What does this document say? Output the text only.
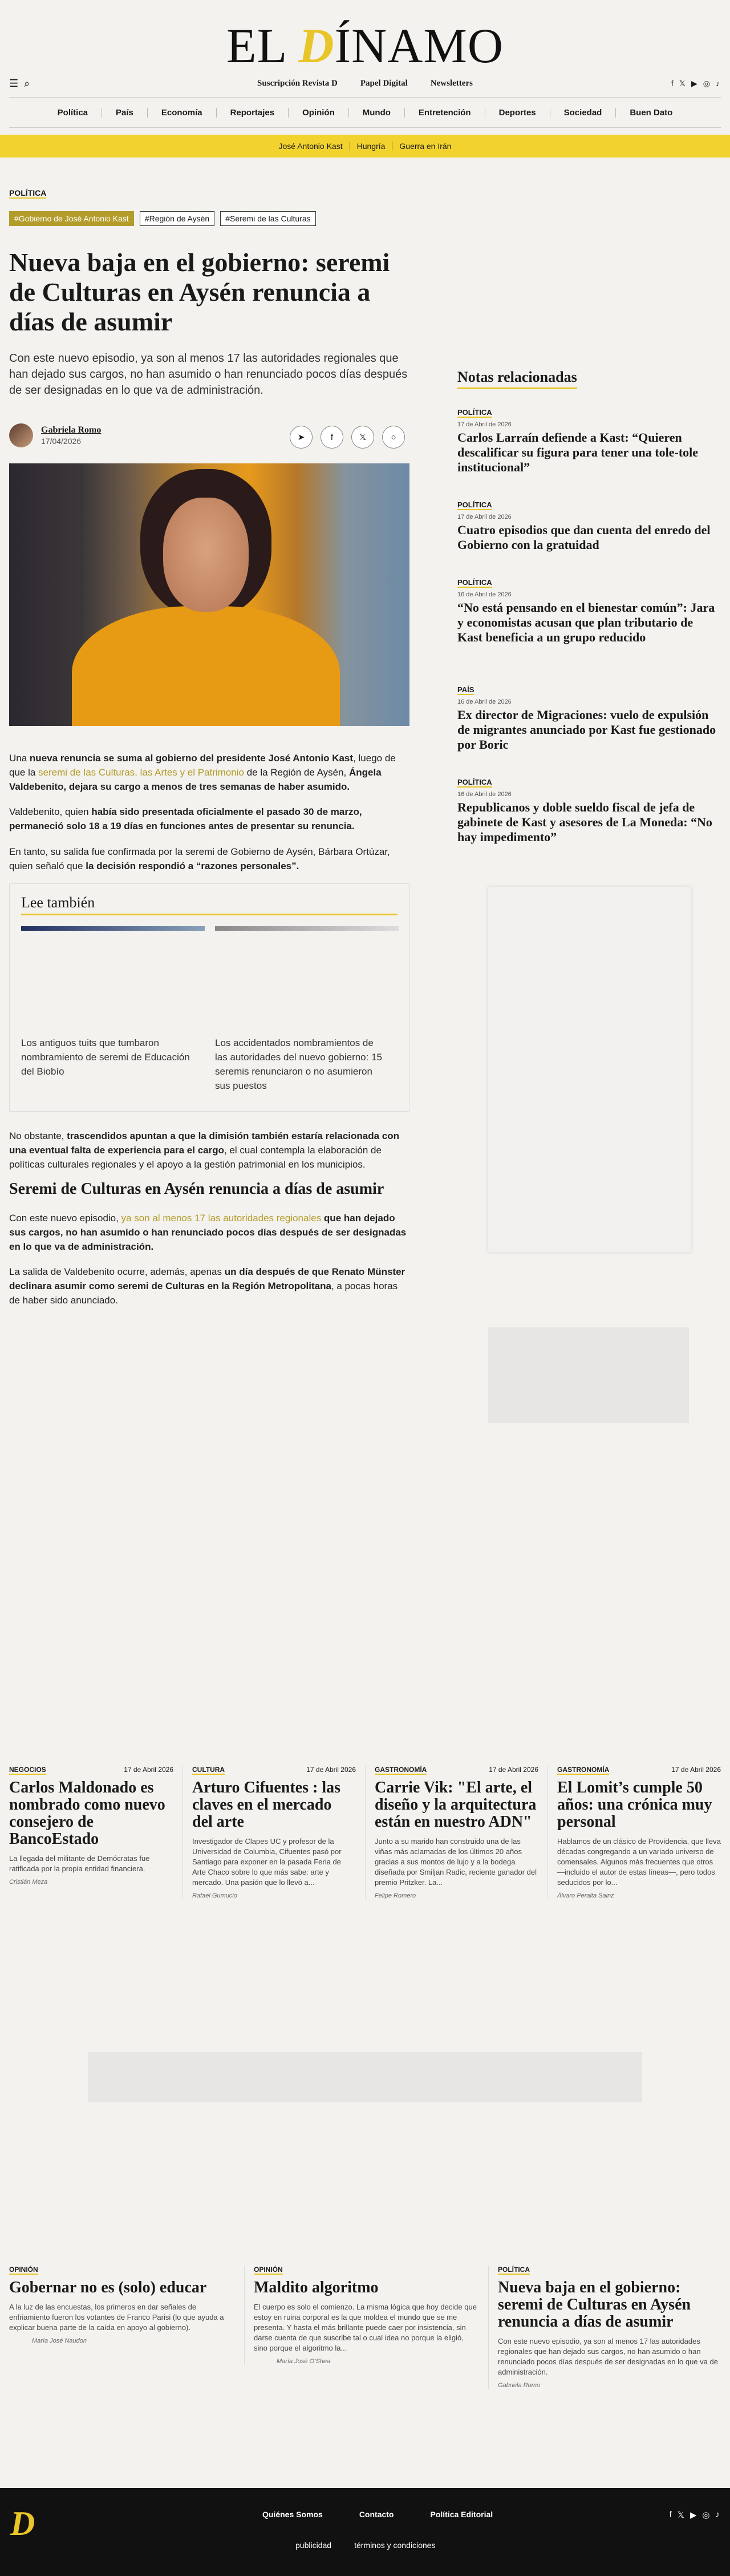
EL DÍNAMO
☰ ⌕	Suscripción Revista D	Papel Digital	Newsletters	f 𝕏 ▶ ◎ ♪
Política	País	Economía	Reportajes	Opinión	Mundo	Entretención	Deportes	Sociedad	Buen Dato
José Antonio Kast	Hungría	Guerra en Irán
POLÍTICA
#Gobierno de José Antonio Kast	#Región de Aysén	#Seremi de las Culturas
Nueva baja en el gobierno: seremi de Culturas en Aysén renuncia a días de asumir

Con este nuevo episodio, ya son al menos 17 las autoridades regionales que han dejado sus cargos, no han asumido o han renunciado pocos días después de ser designadas en lo que va de administración.

Gabriela Romo
17/04/2026	➤	f	𝕏	○

Una nueva renuncia se suma al gobierno del presidente José Antonio Kast, luego de que la seremi de las Culturas, las Artes y el Patrimonio de la Región de Aysén, Ángela Valdebenito, dejara su cargo a menos de tres semanas de haber asumido.

Valdebenito, quien había sido presentada oficialmente el pasado 30 de marzo, permaneció solo 18 a 19 días en funciones antes de presentar su renuncia.

En tanto, su salida fue confirmada por la seremi de Gobierno de Aysén, Bárbara Ortúzar, quien señaló que la decisión respondió a “razones personales”.

Lee también
Los antiguos tuits que tumbaron nombramiento de seremi de Educación del Biobío
Los accidentados nombramientos de las autoridades del nuevo gobierno: 15 seremis renunciaron o no asumieron sus puestos

No obstante, trascendidos apuntan a que la dimisión también estaría relacionada con una eventual falta de experiencia para el cargo, el cual contempla la elaboración de políticas culturales regionales y el apoyo a la gestión patrimonial en los municipios.

Seremi de Culturas en Aysén renuncia a días de asumir

Con este nuevo episodio, ya son al menos 17 las autoridades regionales que han dejado sus cargos, no han asumido o han renunciado pocos días después de ser designadas en lo que va de administración.

La salida de Valdebenito ocurre, además, apenas un día después de que Renato Münster declinara asumir como seremi de Culturas en la Región Metropolitana, a pocas horas de haber sido anunciado.

Notas relacionadas
POLÍTICA
17 de Abril de 2026
Carlos Larraín defiende a Kast: “Quieren descalificar su figura para tener una tole-tole institucional”
POLÍTICA
17 de Abril de 2026
Cuatro episodios que dan cuenta del enredo del Gobierno con la gratuidad
POLÍTICA
16 de Abril de 2026
“No está pensando en el bienestar común”: Jara y economistas acusan que plan tributario de Kast beneficia a un grupo reducido
PAÍS
16 de Abril de 2026
Ex director de Migraciones: vuelo de expulsión de migrantes anunciado por Kast fue gestionado por Boric
POLÍTICA
16 de Abril de 2026
Republicanos y doble sueldo fiscal de jefa de gabinete de Kast y asesores de La Moneda: “No hay impedimento”
NEGOCIOS	17 de Abril 2026
Carlos Maldonado es nombrado como nuevo consejero de BancoEstado
La llegada del militante de Demócratas fue ratificada por la propia entidad financiera.
Cristián Meza
CULTURA	17 de Abril 2026
Arturo Cifuentes : las claves en el mercado del arte
Investigador de Clapes UC y profesor de la Universidad de Columbia, Cifuentes pasó por Santiago para exponer en la pasada Feria de Arte Chaco sobre lo que más sabe: arte y mercado. Una pasión que lo llevó a...
Rafael Gumucio
GASTRONOMÍA	17 de Abril 2026
Carrie Vik: "El arte, el diseño y la arquitectura están en nuestro ADN"
Junto a su marido han construido una de las viñas más aclamadas de los últimos 20 años gracias a sus montos de lujo y a la bodega diseñada por Smiljan Radic, reciente ganador del premio Pritzker. La...
Felipe Romero
GASTRONOMÍA	17 de Abril 2026
El Lomit’s cumple 50 años: una crónica muy personal
Hablamos de un clásico de Providencia, que lleva décadas congregando a un variado universo de comensales. Algunos más frecuentes que otros —incluido el autor de estas líneas—, pero todos seducidos por lo...
Álvaro Peralta Sainz
OPINIÓN
Gobernar no es (solo) educar
A la luz de las encuestas, los primeros en dar señales de enfriamiento fueron los votantes de Franco Parisi (lo que ayuda a explicar buena parte de la caída en apoyo al gobierno).
María José Naudon
OPINIÓN
Maldito algoritmo
El cuerpo es solo el comienzo. La misma lógica que hoy decide que estoy en ruina corporal es la que moldea el mundo que se me presenta. Y hasta el más brillante puede caer por insistencia, sin darse cuenta de que suscribe tal o cual idea no porque la eligió, sino porque el algoritmo la...
María José O’Shea
POLÍTICA
Nueva baja en el gobierno: seremi de Culturas en Aysén renuncia a días de asumir
Con este nuevo episodio, ya son al menos 17 las autoridades regionales que han dejado sus cargos, no han asumido o han renunciado pocos días después de ser designadas en lo que va de administración.
Gabriela Romo
D	Quiénes Somos	Contacto	Política Editorial
publicidad	términos y condiciones
f 𝕏 ▶ ◎ ♪
